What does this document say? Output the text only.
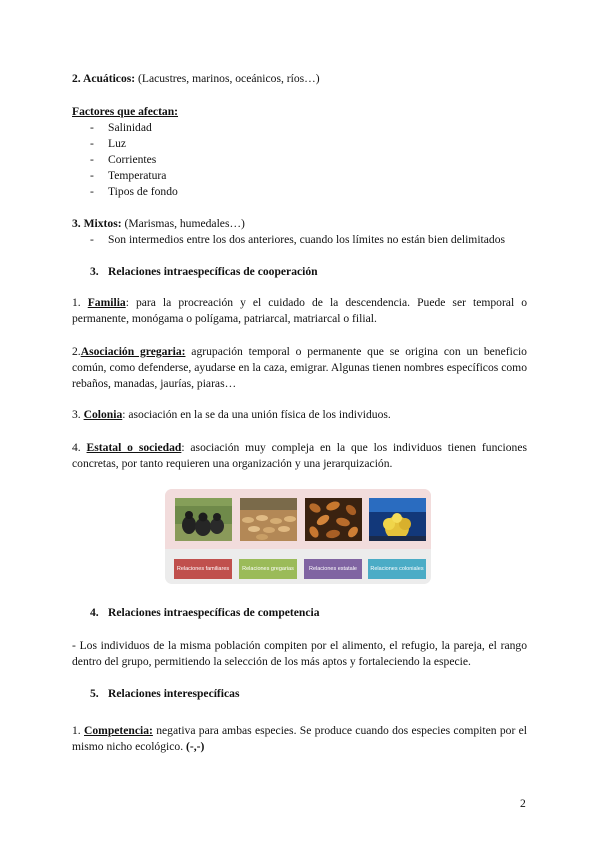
2. Acuáticos: (Lacustres, marinos, oceánicos, ríos…)
Factores que afectan:
- Salinidad
- Luz
- Corrientes
- Temperatura
- Tipos de fondo
3. Mixtos: (Marismas, humedales…)
- Son intermedios entre los dos anteriores, cuando los límites no están bien delimitados
3. Relaciones intraespecíficas de cooperación
1. Familia: para la procreación y el cuidado de la descendencia. Puede ser temporal o permanente, monógama o polígama, patriarcal, matriarcal o filial.
2.Asociación gregaria: agrupación temporal o permanente que se origina con un beneficio común, como defenderse, ayudarse en la caza, emigrar. Algunas tienen nombres específicos como rebaños, manadas, jaurías, piaras…
3. Colonia: asociación en la se da una unión física de los individuos.
4. Estatal o sociedad: asociación muy compleja en la que los individuos tienen funciones concretas, por tanto requieren una organización y una jerarquización.
Relaciones familiares	Relaciones gregarias	Relaciones estatale	Relaciones coloniales
4. Relaciones intraespecíficas de competencia
- Los individuos de la misma población compiten por el alimento, el refugio, la pareja, el rango dentro del grupo, permitiendo la selección de los más aptos y fortaleciendo la especie.
5. Relaciones interespecíficas
1. Competencia: negativa para ambas especies. Se produce cuando dos especies compiten por el mismo nicho ecológico. (-,-)
2
